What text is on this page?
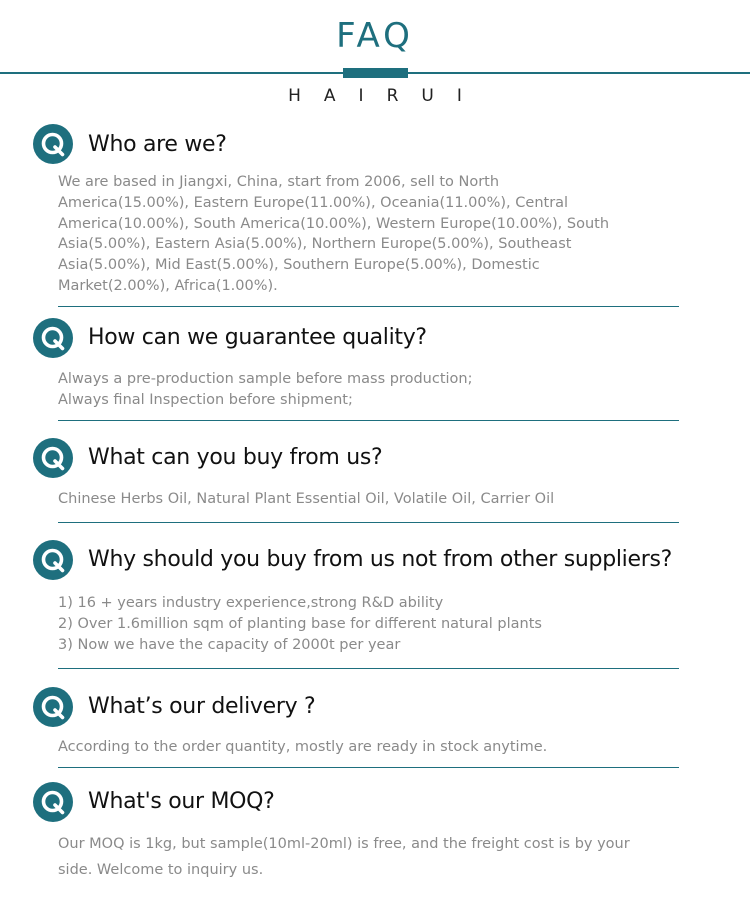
FAQ
HAIRUI
Who are we?
We are based in Jiangxi, China, start from 2006, sell to North
America(15.00%), Eastern Europe(11.00%), Oceania(11.00%), Central
America(10.00%), South America(10.00%), Western Europe(10.00%), South
Asia(5.00%), Eastern Asia(5.00%), Northern Europe(5.00%), Southeast
Asia(5.00%), Mid East(5.00%), Southern Europe(5.00%), Domestic
Market(2.00%), Africa(1.00%).
How can we guarantee quality?
Always a pre-production sample before mass production;
Always final Inspection before shipment;
What can you buy from us?
Chinese Herbs Oil, Natural Plant Essential Oil, Volatile Oil, Carrier Oil
Why should you buy from us not from other suppliers?
1) 16 + years industry experience,strong R&D ability
2) Over 1.6million sqm of planting base for different natural plants
3) Now we have the capacity of 2000t per year
What’s our delivery ?
According to the order quantity, mostly are ready in stock anytime.
What's our MOQ?
Our MOQ is 1kg, but sample(10ml-20ml) is free, and the freight cost is by your
side. Welcome to inquiry us.
